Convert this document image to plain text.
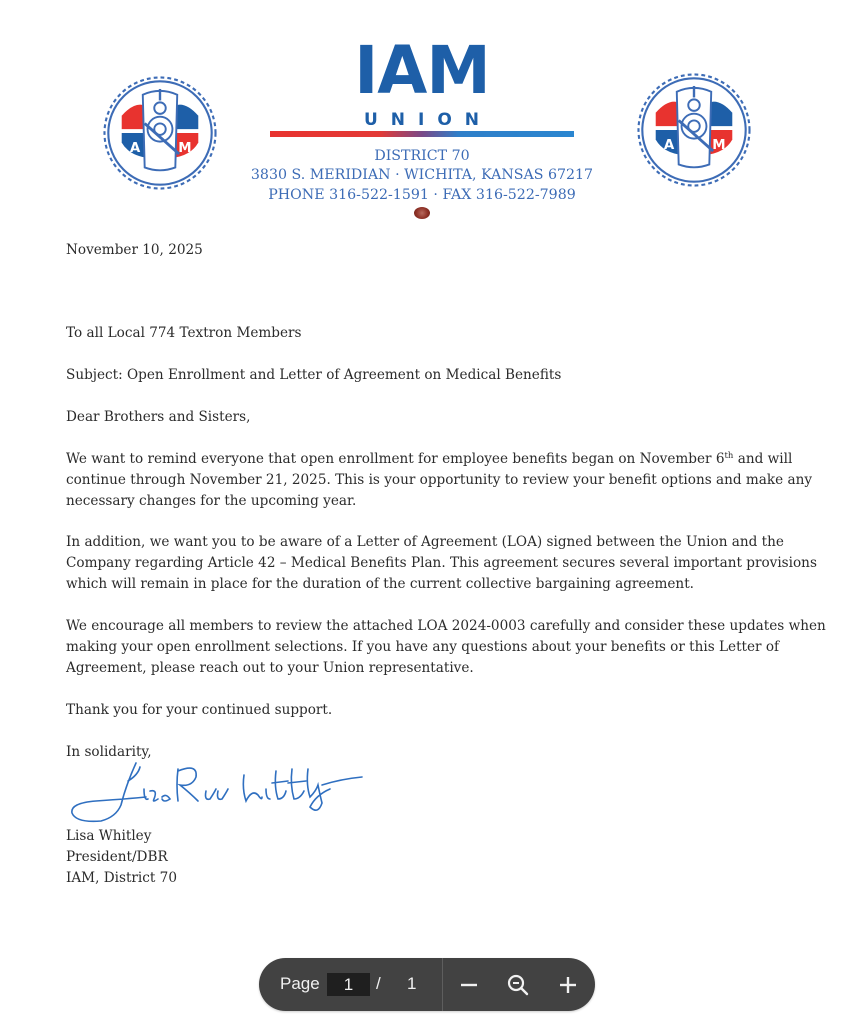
A	M	A	M
IAM
UNION
DISTRICT 70
3830 S. MERIDIAN · WICHITA, KANSAS 67217
PHONE 316-522-1591 · FAX 316-522-7989
November 10, 2025
To all Local 774 Textron Members
Subject: Open Enrollment and Letter of Agreement on Medical Benefits
Dear Brothers and Sisters,
We want to remind everyone that open enrollment for employee benefits began on November 6th and will
continue through November 21, 2025. This is your opportunity to review your benefit options and make any
necessary changes for the upcoming year.
In addition, we want you to be aware of a Letter of Agreement (LOA) signed between the Union and the
Company regarding Article 42 – Medical Benefits Plan. This agreement secures several important provisions
which will remain in place for the duration of the current collective bargaining agreement.
We encourage all members to review the attached LOA 2024-0003 carefully and consider these updates when
making your open enrollment selections. If you have any questions about your benefits or this Letter of
Agreement, please reach out to your Union representative.
Thank you for your continued support.
In solidarity,
Lisa Whitley
President/DBR
IAM, District 70
Page
1	/ 1
